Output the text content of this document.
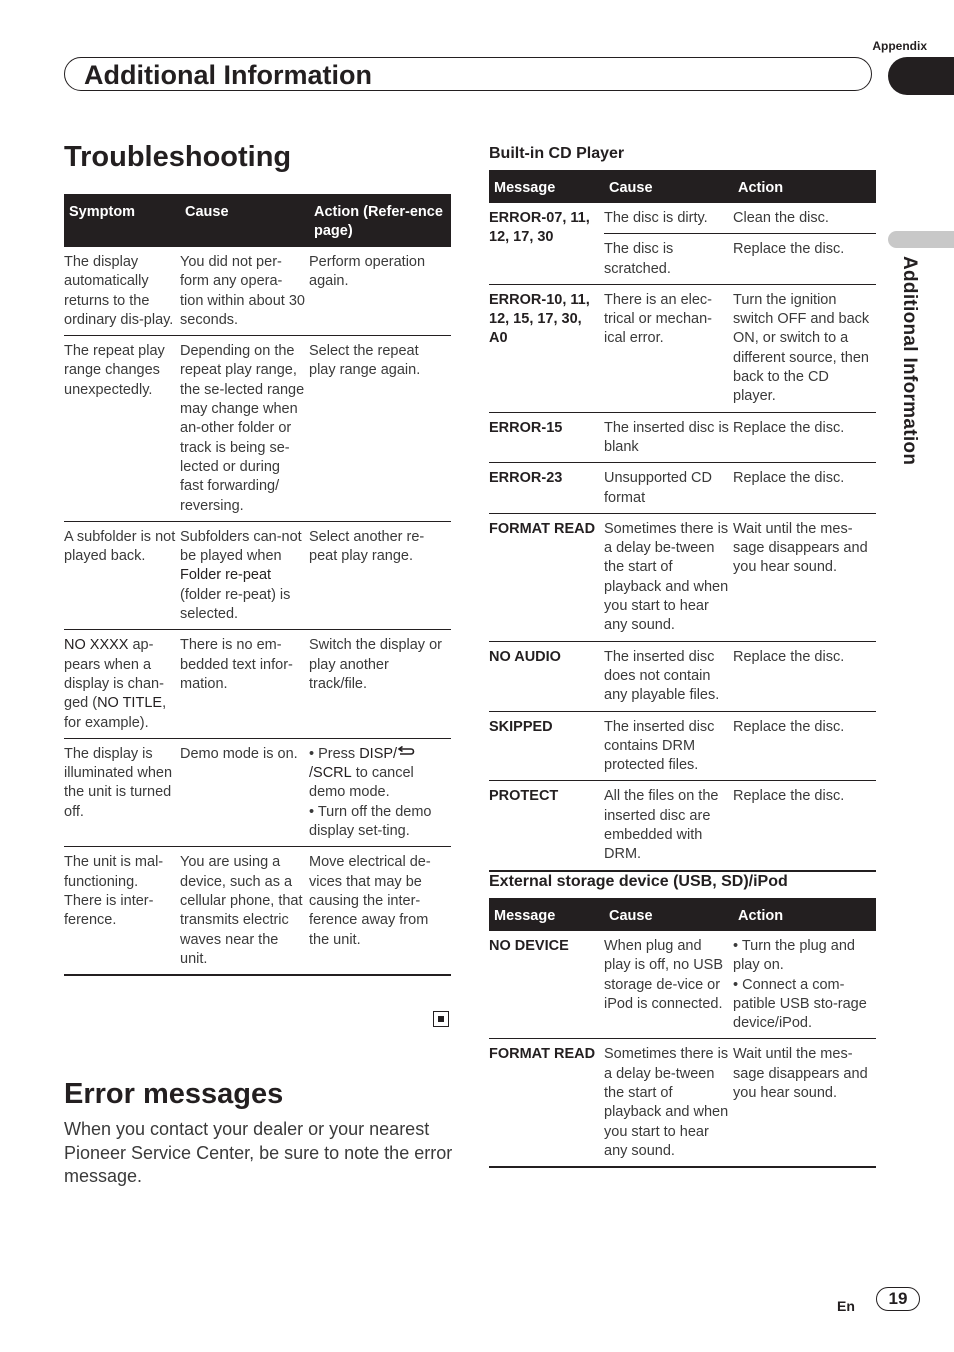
Appendix
Additional Information
Additional Information
Troubleshooting
Symptom	Cause	Action (Refer-ence page)
The display automatically returns to the ordinary dis-play.	You did not per-form any opera-tion within about 30 seconds.	Perform operation again.
The repeat play range changes unexpectedly.	Depending on the repeat play range, the se-lected range may change when an-other folder or track is being se-lected or during fast forwarding/ reversing.	Select the repeat play range again.
A subfolder is not played back.	Subfolders can-not be played when Folder re-peat (folder re-peat) is selected.	Select another re-peat play range.
NO XXXX ap-pears when a display is chan-ged (NO TITLE, for example).	There is no em-bedded text infor-mation.	Switch the display or play another track/file.
The display is illuminated when the unit is turned off.	Demo mode is on.	• Press DISP/
/SCRL to cancel demo mode.
• Turn off the demo display set-ting.

The unit is mal-functioning. There is inter-ference.	You are using a device, such as a cellular phone, that transmits electric waves near the unit.	Move electrical de-vices that may be causing the inter-ference away from the unit.
Error messages
When you contact your dealer or your nearest Pioneer Service Center, be sure to note the error message.
Built-in CD Player
Message	Cause	Action
ERROR-07, 11, 12, 17, 30	The disc is dirty.	Clean the disc.
	The disc is scratched.	Replace the disc.
ERROR-10, 11, 12, 15, 17, 30, A0	There is an elec-trical or mechan-ical error.	Turn the ignition switch OFF and back ON, or switch to a different source, then back to the CD player.
ERROR-15	The inserted disc is blank	Replace the disc.
ERROR-23	Unsupported CD format	Replace the disc.
FORMAT READ	Sometimes there is a delay be-tween the start of playback and when you start to hear any sound.	Wait until the mes-sage disappears and you hear sound.
NO AUDIO	The inserted disc does not contain any playable files.	Replace the disc.
SKIPPED	The inserted disc contains DRM protected files.	Replace the disc.
PROTECT	All the files on the inserted disc are embedded with DRM.	Replace the disc.
External storage device (USB, SD)/iPod
Message	Cause	Action
NO DEVICE	When plug and play is off, no USB storage de-vice or iPod is connected.	• Turn the plug and play on.
• Connect a com-patible USB sto-rage device/iPod.

FORMAT READ	Sometimes there is a delay be-tween the start of playback and when you start to hear any sound.	Wait until the mes-sage disappears and you hear sound.
En	19
